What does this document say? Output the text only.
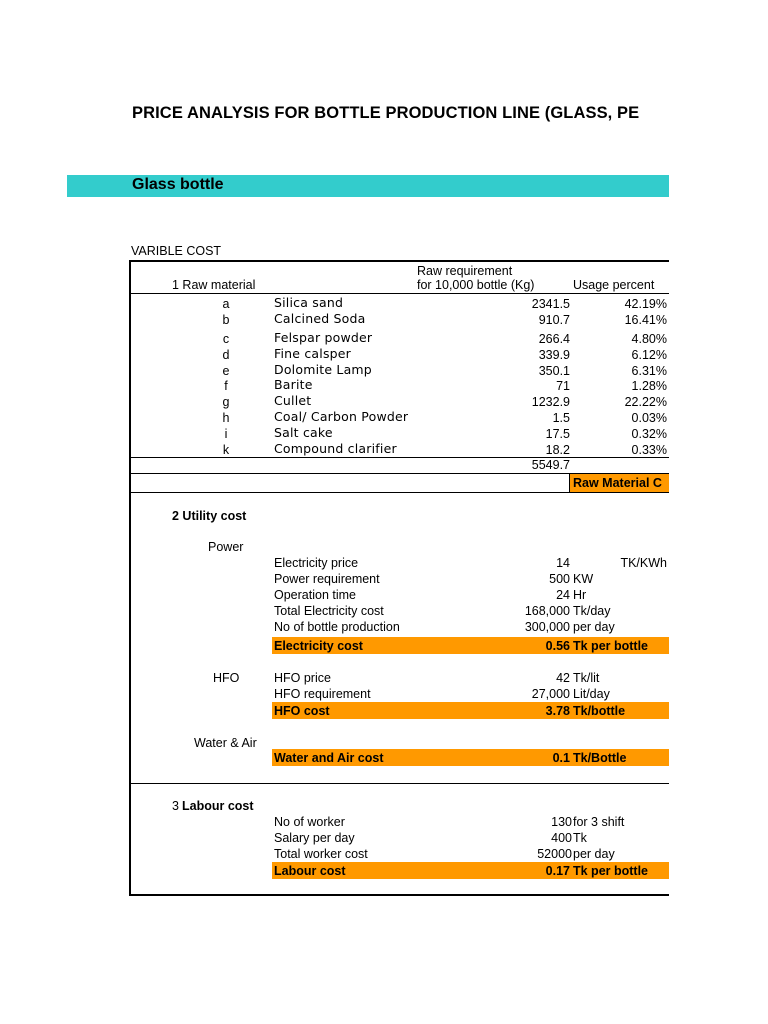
PRICE ANALYSIS FOR BOTTLE PRODUCTION LINE (GLASS, PE
Glass bottle
VARIBLE COST
1 Raw material
Raw requirement
for 10,000 bottle (Kg)	Usage percent
a	Silica sand	2341.5	42.19%
b	Calcined Soda	910.7	16.41%
c	Felspar powder	266.4	4.80%
d	Fine calsper	339.9	6.12%
e	Dolomite Lamp	350.1	6.31%
f	Barite	71	1.28%
g	Cullet	1232.9	22.22%
h	Coal/ Carbon Powder	1.5	0.03%
i	Salt cake	17.5	0.32%
k	Compound clarifier	18.2	0.33%
5549.7
Raw Material C
2 Utility cost
Power
Electricity price	14	TK/KWh
Power requirement	500 KW
Operation time	24 Hr
Total Electricity cost	168,000 Tk/day
No of bottle production	300,000 per day
Electricity cost	0.56 Tk per bottle
HFO	HFO price	42 Tk/lit
HFO requirement	27,000 Lit/day
HFO cost	3.78 Tk/bottle
Water & Air
Water and Air cost	0.1 Tk/Bottle
3 Labour cost
No of worker	130 for 3 shift
Salary per day	400 Tk
Total worker cost	52000 per day
Labour cost	0.17 Tk per bottle
